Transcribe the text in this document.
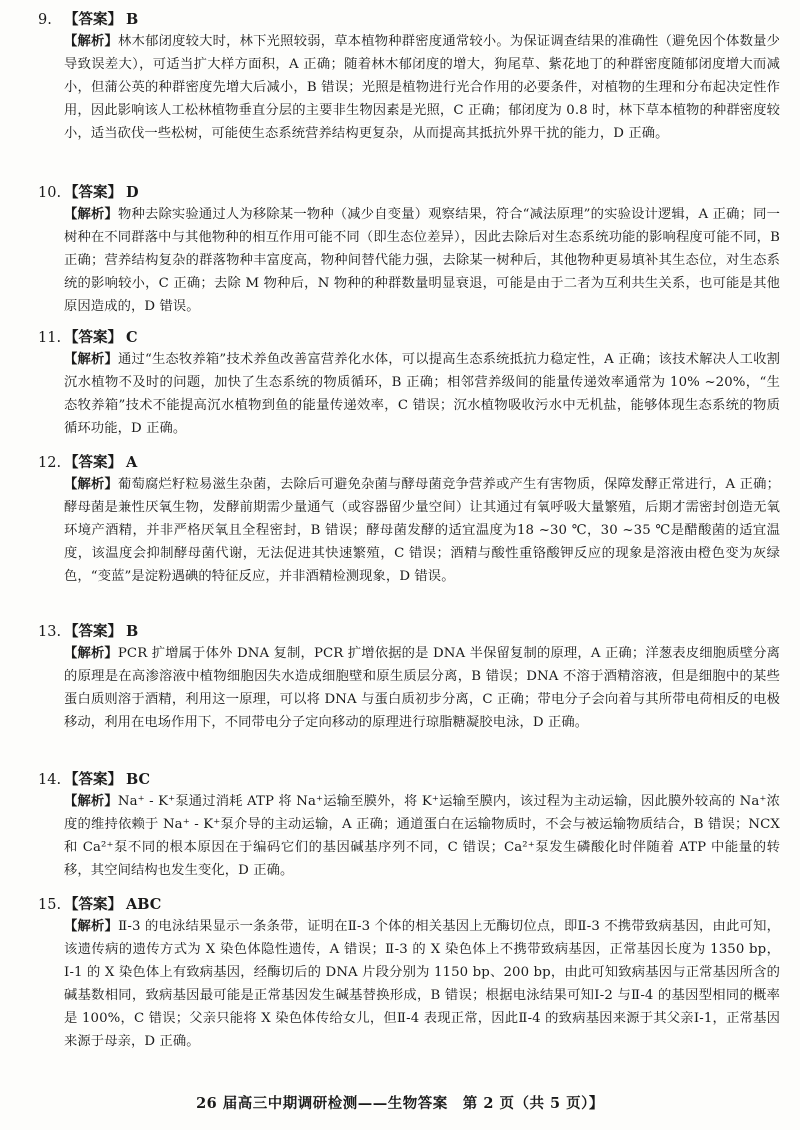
9. 【答案】 B
【解析】林木郁闭度较大时，林下光照较弱，草本植物种群密度通常较小。为保证调查结果的准确性（避免因个体数量少导致误差大），可适当扩大样方面积，A 正确；随着林木郁闭度的增大，狗尾草、紫花地丁的种群密度随郁闭度增大而减小，但蒲公英的种群密度先增大后减小，B 错误；光照是植物进行光合作用的必要条件，对植物的生理和分布起决定性作用，因此影响该人工松林植物垂直分层的主要非生物因素是光照，C 正确；郁闭度为 0.8 时，林下草本植物的种群密度较小，适当砍伐一些松树，可能使生态系统营养结构更复杂，从而提高其抵抗外界干扰的能力，D 正确。
10. 【答案】 D
【解析】物种去除实验通过人为移除某一物种（减少自变量）观察结果，符合“减法原理”的实验设计逻辑，A 正确；同一树种在不同群落中与其他物种的相互作用可能不同（即生态位差异），因此去除后对生态系统功能的影响程度可能不同，B 正确；营养结构复杂的群落物种丰富度高，物种间替代能力强，去除某一树种后，其他物种更易填补其生态位，对生态系统的影响较小，C 正确；去除 M 物种后，N 物种的种群数量明显衰退，可能是由于二者为互利共生关系，也可能是其他原因造成的，D 错误。
11. 【答案】 C
【解析】通过“生态牧养箱”技术养鱼改善富营养化水体，可以提高生态系统抵抗力稳定性，A 正确；该技术解决人工收割沉水植物不及时的问题，加快了生态系统的物质循环，B 正确；相邻营养级间的能量传递效率通常为 10% ~20%，“生态牧养箱”技术不能提高沉水植物到鱼的能量传递效率，C 错误；沉水植物吸收污水中无机盐，能够体现生态系统的物质循环功能，D 正确。
12. 【答案】 A
【解析】葡萄腐烂籽粒易滋生杂菌，去除后可避免杂菌与酵母菌竞争营养或产生有害物质，保障发酵正常进行，A 正确；酵母菌是兼性厌氧生物，发酵前期需少量通气（或容器留少量空间）让其通过有氧呼吸大量繁殖，后期才需密封创造无氧环境产酒精，并非严格厌氧且全程密封，B 错误；酵母菌发酵的适宜温度为18 ~30 ℃，30 ~35 ℃是醋酸菌的适宜温度，该温度会抑制酵母菌代谢，无法促进其快速繁殖，C 错误；酒精与酸性重铬酸钾反应的现象是溶液由橙色变为灰绿色，“变蓝”是淀粉遇碘的特征反应，并非酒精检测现象，D 错误。
13. 【答案】 B
【解析】PCR 扩增属于体外 DNA 复制，PCR 扩增依据的是 DNA 半保留复制的原理，A 正确；洋葱表皮细胞质壁分离的原理是在高渗溶液中植物细胞因失水造成细胞壁和原生质层分离，B 错误；DNA 不溶于酒精溶液，但是细胞中的某些蛋白质则溶于酒精，利用这一原理，可以将 DNA 与蛋白质初步分离，C 正确；带电分子会向着与其所带电荷相反的电极移动，利用在电场作用下，不同带电分子定向移动的原理进行琼脂糖凝胶电泳，D 正确。
14. 【答案】 BC
【解析】Na⁺ - K⁺泵通过消耗 ATP 将 Na⁺运输至膜外，将 K⁺运输至膜内，该过程为主动运输，因此膜外较高的 Na⁺浓度的维持依赖于 Na⁺ - K⁺泵介导的主动运输，A 正确；通道蛋白在运输物质时，不会与被运输物质结合，B 错误；NCX 和 Ca²⁺泵不同的根本原因在于编码它们的基因碱基序列不同，C 错误；Ca²⁺泵发生磷酸化时伴随着 ATP 中能量的转移，其空间结构也发生变化，D 正确。
15. 【答案】 ABC
【解析】Ⅱ-3 的电泳结果显示一条条带，证明在Ⅱ-3 个体的相关基因上无酶切位点，即Ⅱ-3 不携带致病基因，由此可知，该遗传病的遗传方式为 X 染色体隐性遗传，A 错误；Ⅱ-3 的 X 染色体上不携带致病基因，正常基因长度为 1350 bp，Ⅰ-1 的 X 染色体上有致病基因，经酶切后的 DNA 片段分别为 1150 bp、200 bp，由此可知致病基因与正常基因所含的碱基数相同，致病基因最可能是正常基因发生碱基替换形成，B 错误；根据电泳结果可知Ⅰ-2 与Ⅱ-4 的基因型相同的概率是 100%，C 错误；父亲只能将 X 染色体传给女儿，但Ⅱ-4 表现正常，因此Ⅱ-4 的致病基因来源于其父亲Ⅰ-1，正常基因来源于母亲，D 正确。
26 届高三中期调研检测——生物答案　第 2 页（共 5 页）】
